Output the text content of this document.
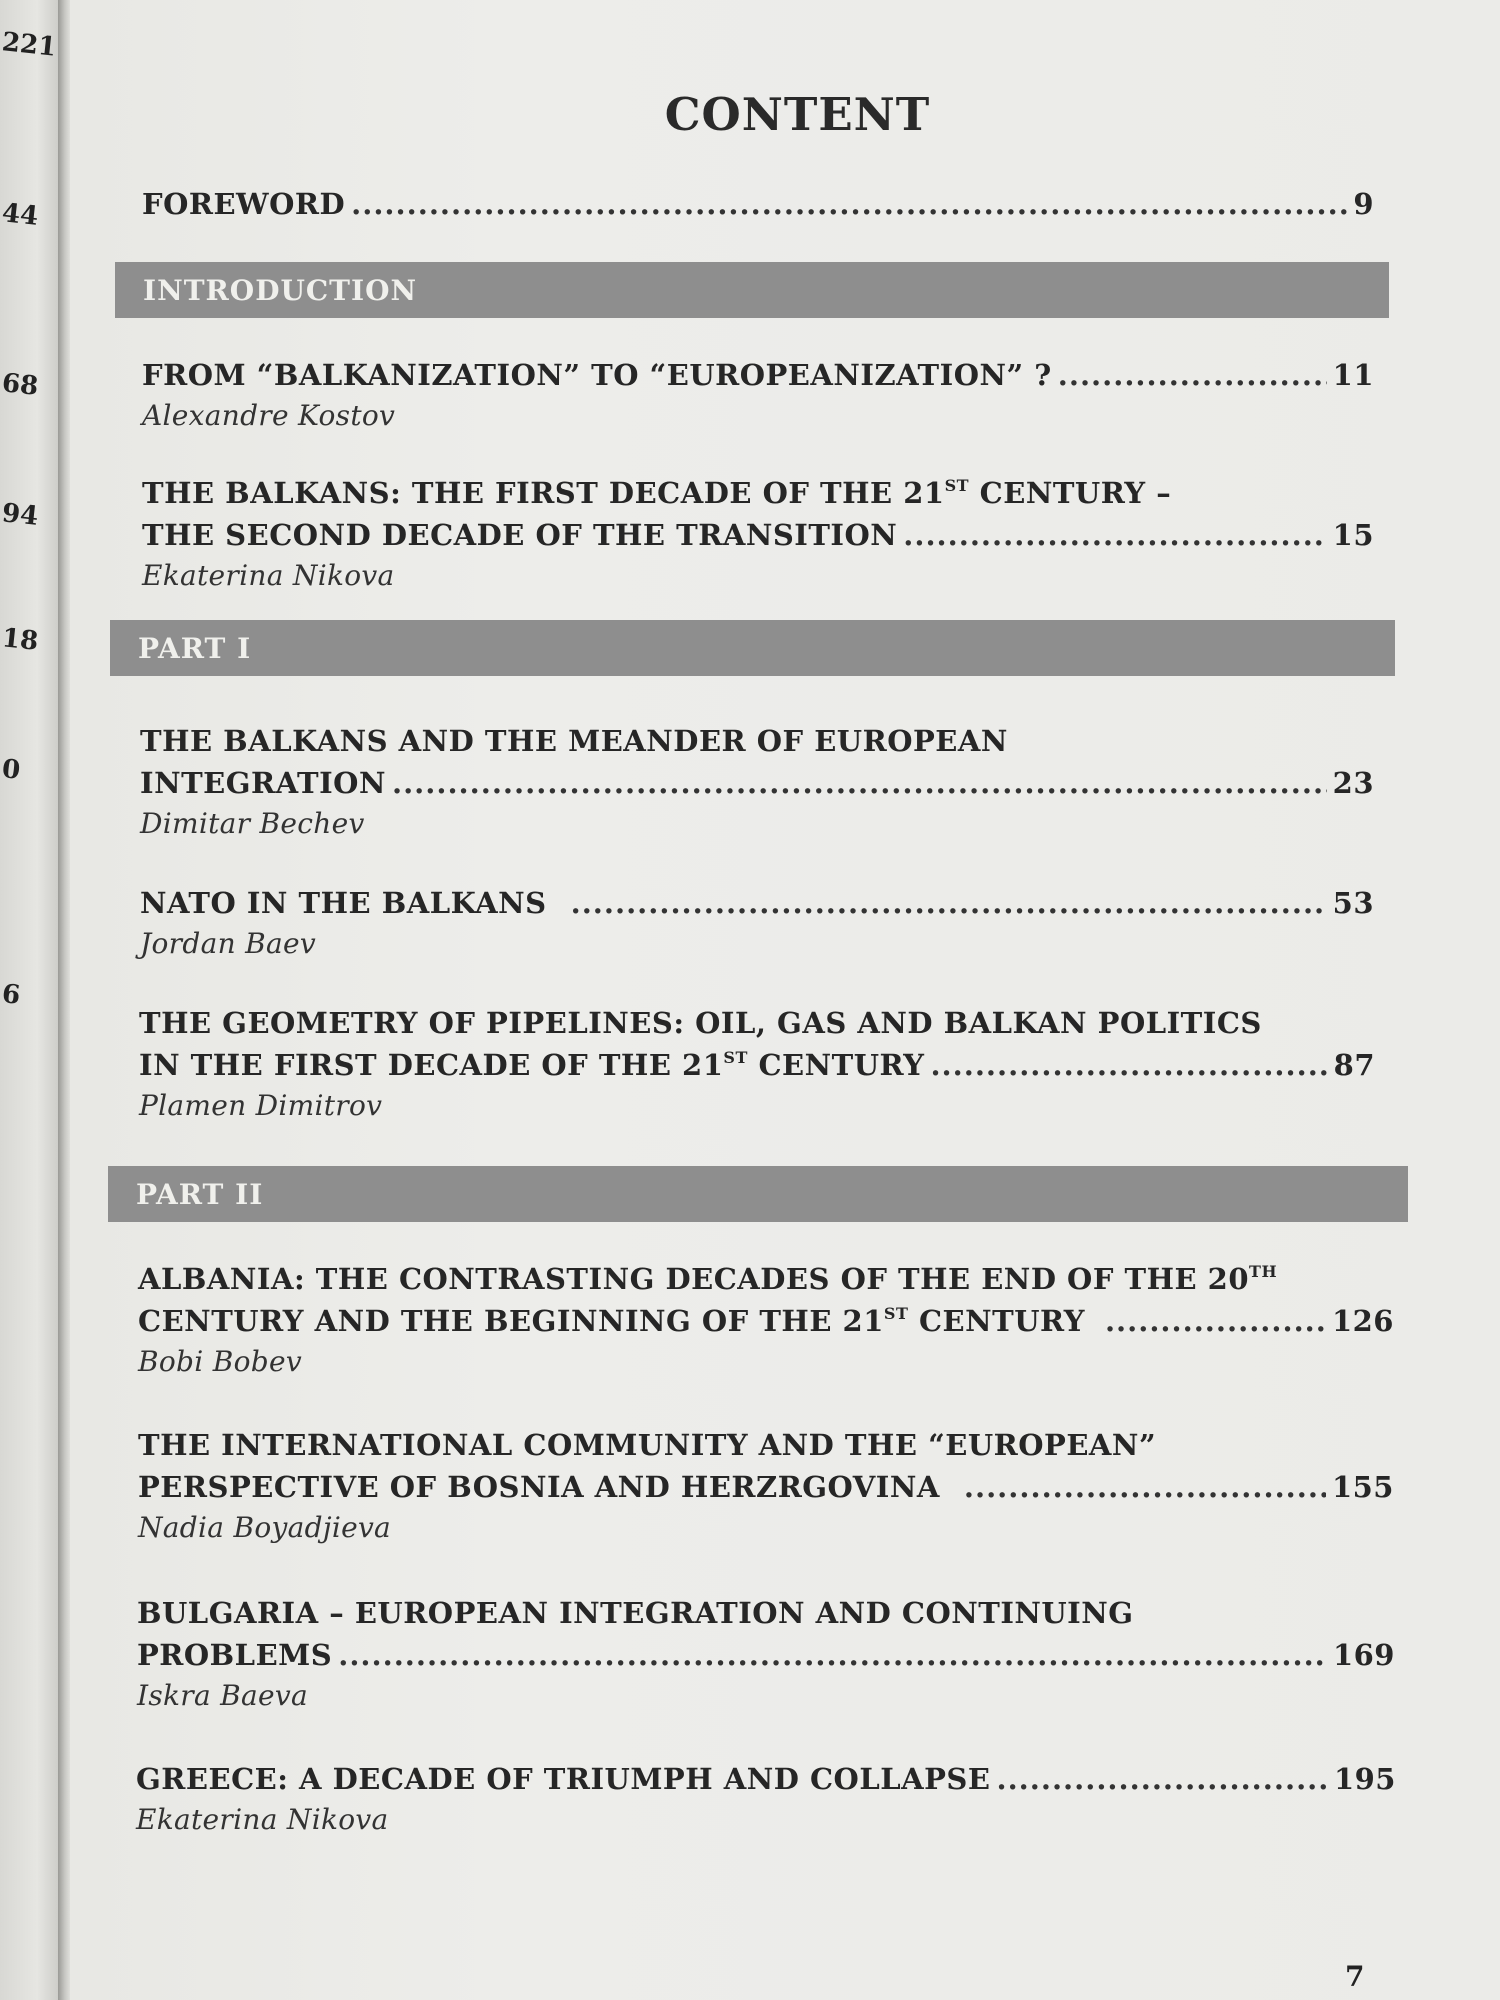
221
44
68
94
18
0
6
CONTENT
FOREWORD .....	9
INTRODUCTION
FROM “BALKANIZATION” TO “EUROPEANIZATION” ? .....	11
Alexandre Kostov
THE BALKANS: THE FIRST DECADE OF THE 21ST CENTURY –
THE SECOND DECADE OF THE TRANSITION .....	15
Ekaterina Nikova
PART I
THE BALKANS AND THE MEANDER OF EUROPEAN
INTEGRATION .....	23
Dimitar Bechev
NATO IN THE BALKANS .....	53
Jordan Baev
THE GEOMETRY OF PIPELINES: OIL, GAS AND BALKAN POLITICS
IN THE FIRST DECADE OF THE 21ST CENTURY .....	87
Plamen Dimitrov
PART II
ALBANIA: THE CONTRASTING DECADES OF THE END OF THE 20TH
CENTURY AND THE BEGINNING OF THE 21ST CENTURY .....	126
Bobi Bobev
THE INTERNATIONAL COMMUNITY AND THE “EUROPEAN”
PERSPECTIVE OF BOSNIA AND HERZRGOVINA .....	155
Nadia Boyadjieva
BULGARIA – EUROPEAN INTEGRATION AND CONTINUING
PROBLEMS .....	169
Iskra Baeva
GREECE: A DECADE OF TRIUMPH AND COLLAPSE .....	195
Ekaterina Nikova
7
